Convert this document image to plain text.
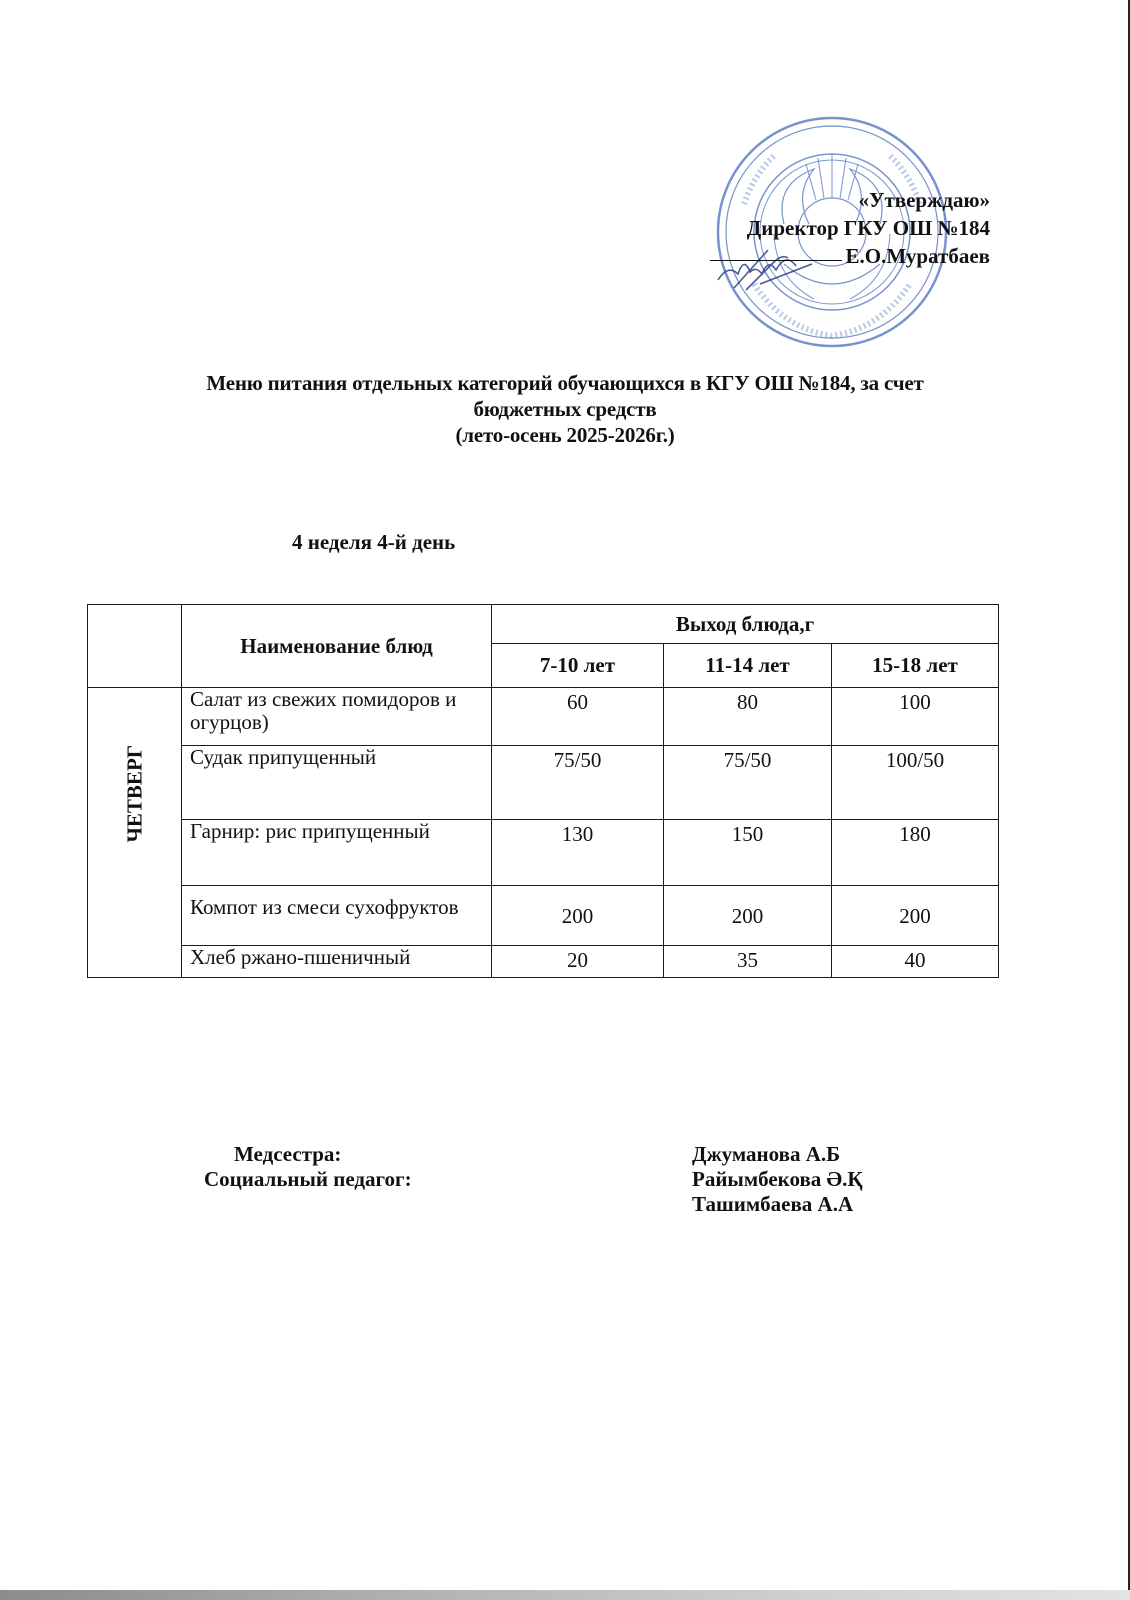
«Утверждаю»
Директор ГКУ ОШ №184
Е.О.Муратбаев
Меню питания отдельных категорий обучающихся в КГУ ОШ №184, за счет
бюджетных средств
(лето-осень 2025-2026г.)
4 неделя 4-й день
	Наименование блюд	Выход блюда,г		
		7-10 лет	11-14 лет	15-18 лет

ЧЕТВЕРГ	Салат из свежих помидоров и огурцов)	60	80	100
	Судак припущенный	75/50	75/50	100/50
	Гарнир: рис припущенный	130	150	180
	Компот из смеси сухофруктов	200	200	200
	Хлеб ржано-пшеничный	20	35	40
Медсестра:
Социальный педагог:
Джуманова А.Б
Райымбекова Ә.Қ
Ташимбаева А.А
